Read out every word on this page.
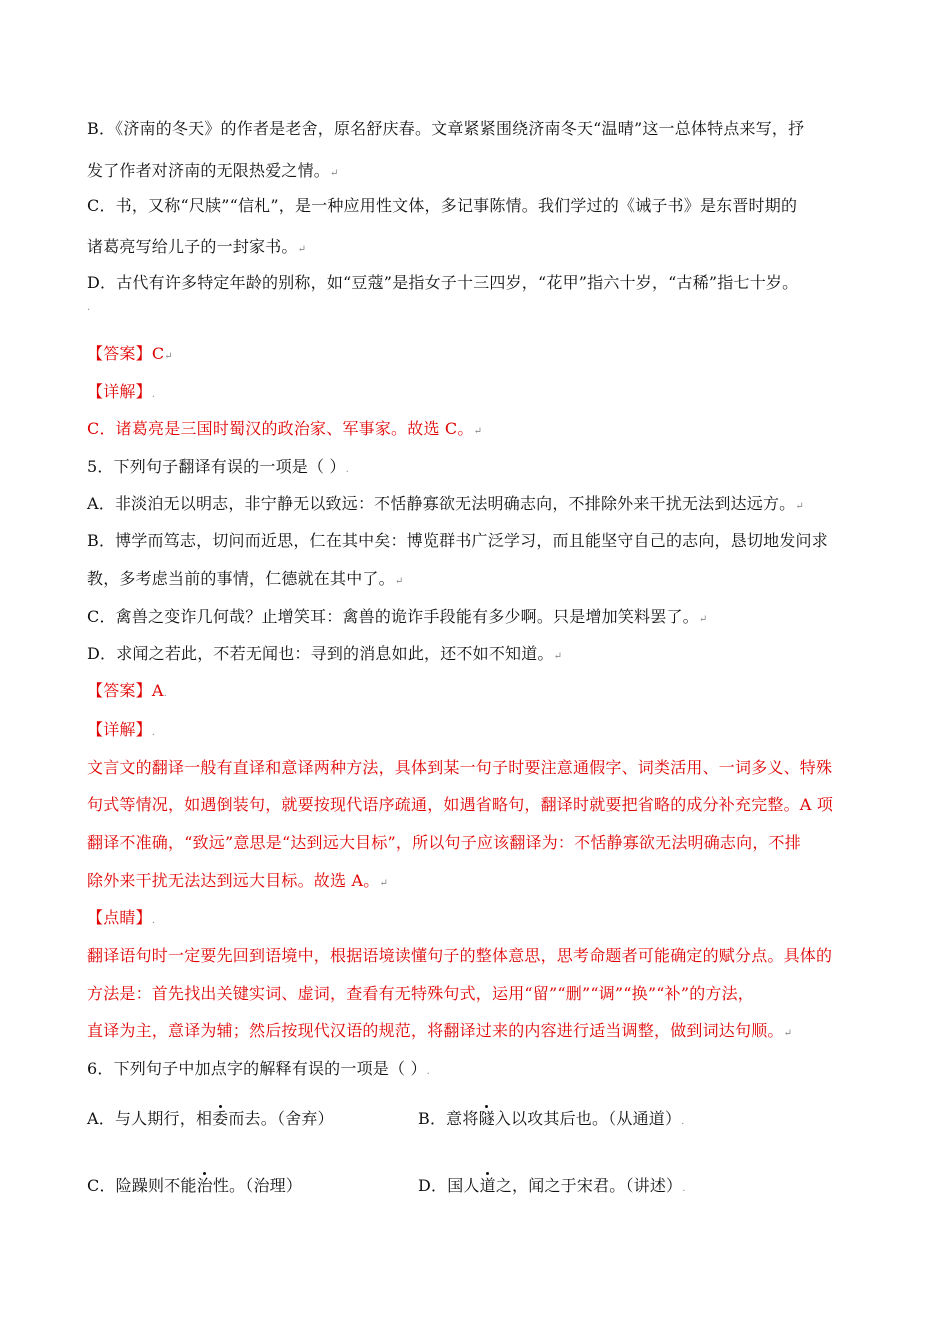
B．《济南的冬天》的作者是老舍，原名舒庆春。文章紧紧围绕济南冬天“温晴”这一总体特点来写，抒
发了作者对济南的无限热爱之情。↵
C．书，又称“尺牍”“信札”，是一种应用性文体，多记事陈情。我们学过的《诫子书》是东晋时期的
诸葛亮写给儿子的一封家书。↵
D．古代有许多特定年龄的别称，如“豆蔻”是指女子十三四岁，“花甲”指六十岁，“古稀”指七十岁。
.
【答案】C↵
【详解】.
C．诸葛亮是三国时蜀汉的政治家、军事家。故选 C。↵
5．下列句子翻译有误的一项是（ ）.
A．非淡泊无以明志，非宁静无以致远：不恬静寡欲无法明确志向，不排除外来干扰无法到达远方。↵
B．博学而笃志，切问而近思，仁在其中矣：博览群书广泛学习，而且能坚守自己的志向，恳切地发问求
教，多考虑当前的事情，仁德就在其中了。↵
C．禽兽之变诈几何哉？止增笑耳：禽兽的诡诈手段能有多少啊。只是增加笑料罢了。↵
D．求闻之若此，不若无闻也：寻到的消息如此，还不如不知道。↵
【答案】A.
【详解】.
文言文的翻译一般有直译和意译两种方法，具体到某一句子时要注意通假字、词类活用、一词多义、特殊
句式等情况，如遇倒装句，就要按现代语序疏通，如遇省略句，翻译时就要把省略的成分补充完整。A 项
翻译不准确，“致远”意思是“达到远大目标”，所以句子应该翻译为：不恬静寡欲无法明确志向，不排
除外来干扰无法达到远大目标。故选 A。↵
【点睛】.
翻译语句时一定要先回到语境中，根据语境读懂句子的整体意思，思考命题者可能确定的赋分点。具体的
方法是：首先找出关键实词、虚词，查看有无特殊句式，运用“留”“删”“调”“换”“补”的方法，
直译为主，意译为辅；然后按现代汉语的规范，将翻译过来的内容进行适当调整，做到词达句顺。↵
6．下列句子中加点字的解释有误的一项是（ ）.
A．与人期行，相委而去。（舍弃）	B．意将隧入以攻其后也。（从通道）.
C．险躁则不能治性。（治理）	D．国人道之，闻之于宋君。（讲述）.
